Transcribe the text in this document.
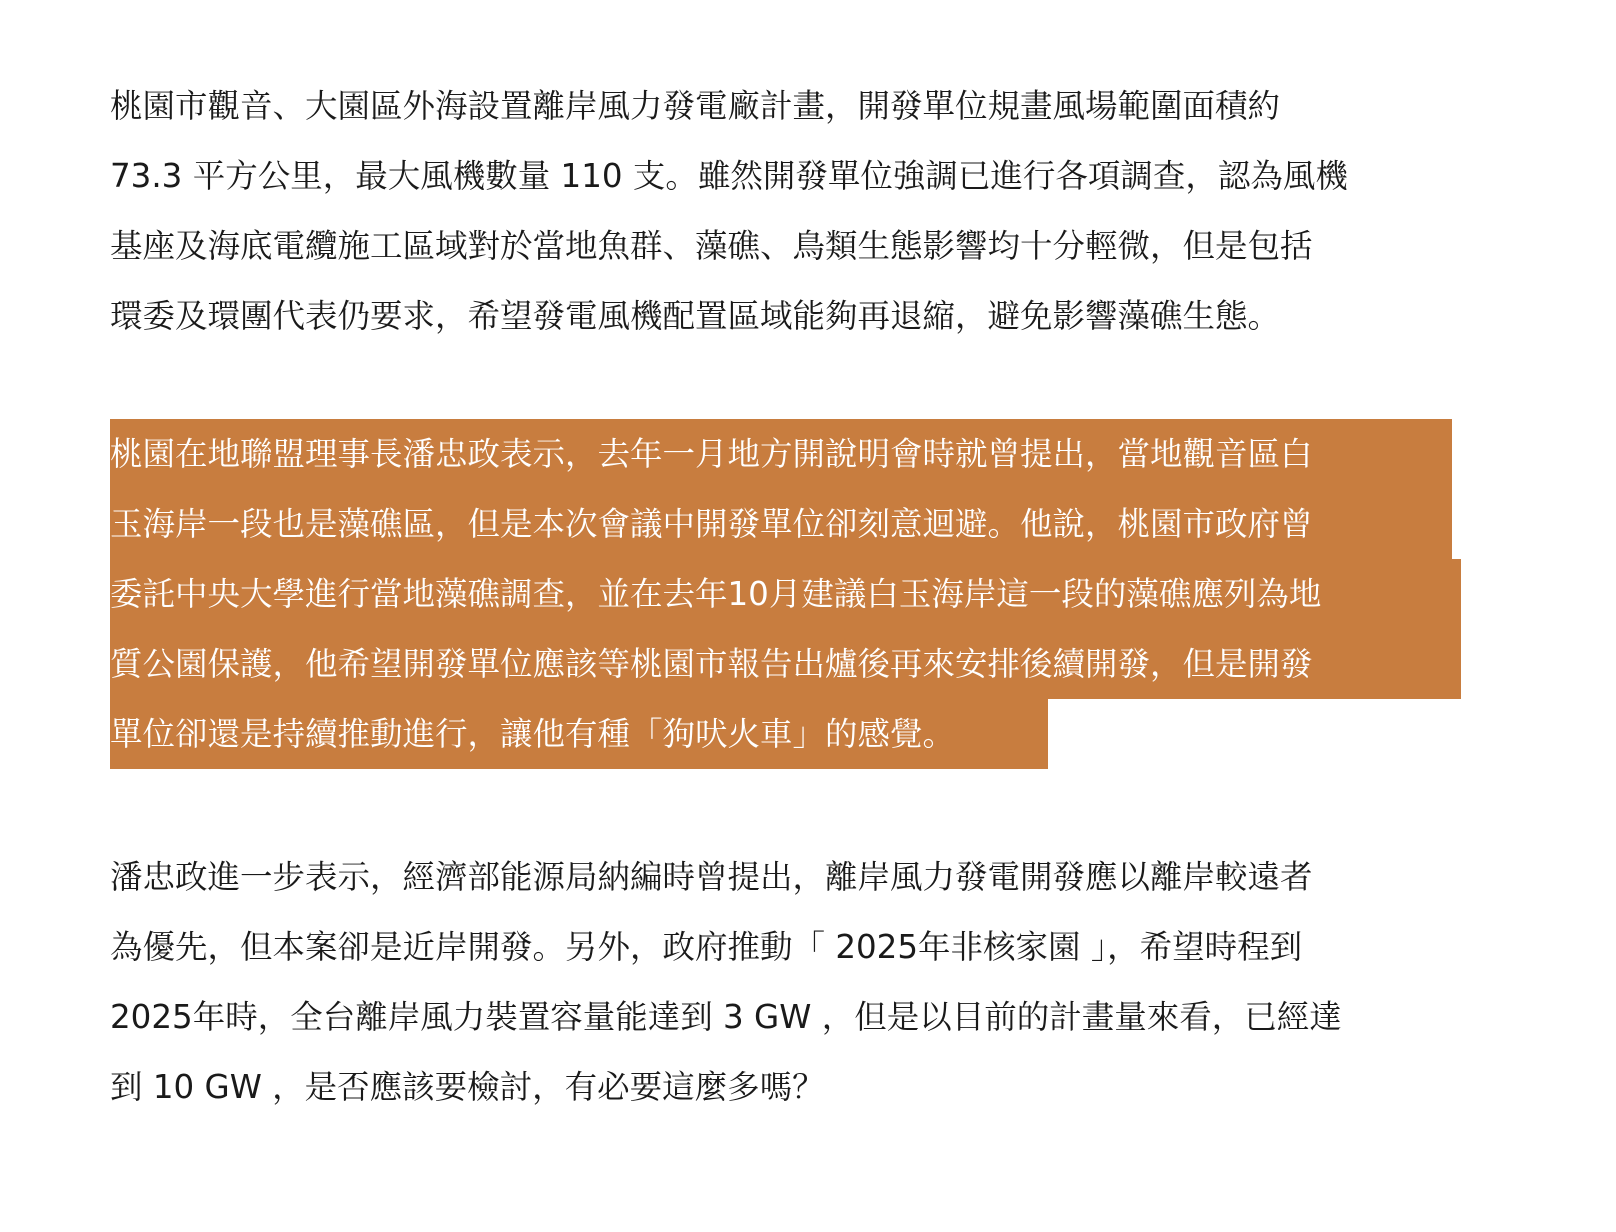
桃園市觀音、大園區外海設置離岸風力發電廠計畫，開發單位規畫風場範圍面積約
73.3 平方公里，最大風機數量 110 支。雖然開發單位強調已進行各項調查，認為風機
基座及海底電纜施工區域對於當地魚群、藻礁、鳥類生態影響均十分輕微，但是包括
環委及環團代表仍要求，希望發電風機配置區域能夠再退縮，避免影響藻礁生態。
桃園在地聯盟理事長潘忠政表示，去年一月地方開說明會時就曾提出，當地觀音區白
玉海岸一段也是藻礁區，但是本次會議中開發單位卻刻意迴避。他說，桃園市政府曾
委託中央大學進行當地藻礁調查，並在去年10月建議白玉海岸這一段的藻礁應列為地
質公園保護，他希望開發單位應該等桃園市報告出爐後再來安排後續開發，但是開發
單位卻還是持續推動進行，讓他有種「狗吠火車」的感覺。
潘忠政進一步表示，經濟部能源局納編時曾提出，離岸風力發電開發應以離岸較遠者
為優先，但本案卻是近岸開發。另外，政府推動「 2025年非核家園 」，希望時程到
2025年時，全台離岸風力裝置容量能達到 3 GW ，但是以目前的計畫量來看，已經達
到 10 GW ，是否應該要檢討，有必要這麼多嗎？
